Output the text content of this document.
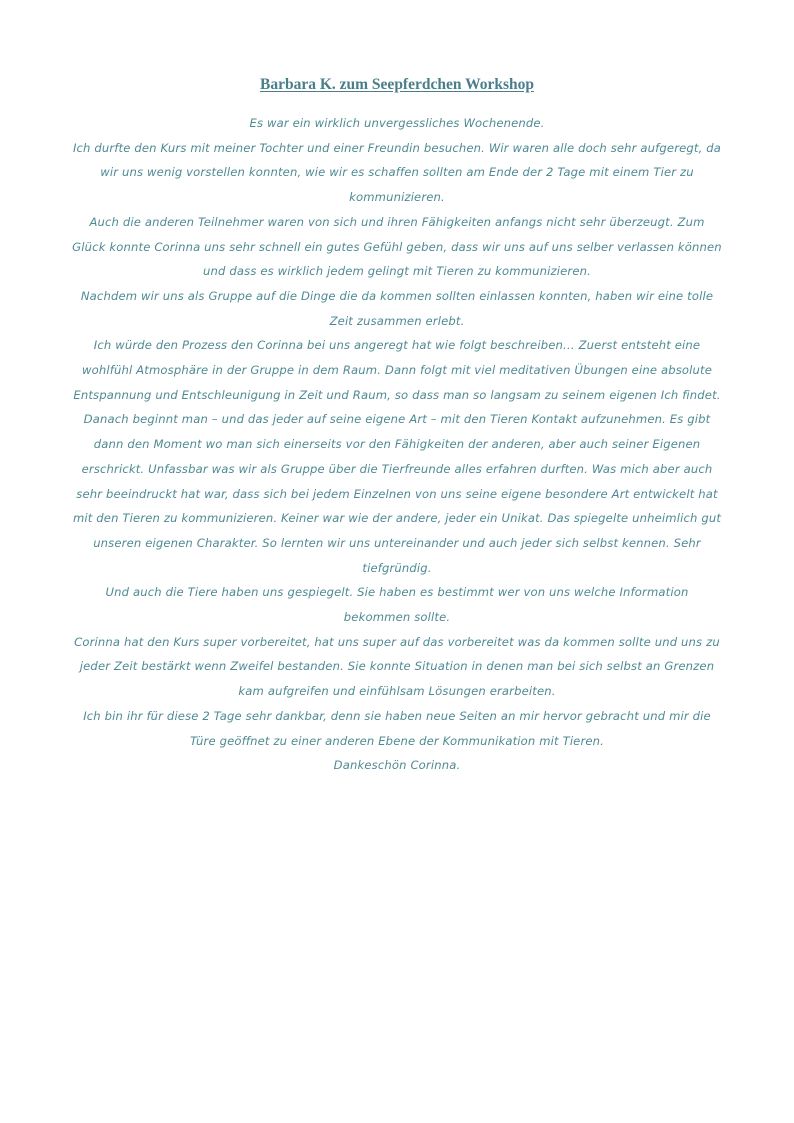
Barbara K. zum Seepferdchen Workshop

Es war ein wirklich unvergessliches Wochenende.

Ich durfte den Kurs mit meiner Tochter und einer Freundin besuchen. Wir waren alle doch sehr aufgeregt, da wir uns wenig vorstellen konnten, wie wir es schaffen sollten am Ende der 2 Tage mit einem Tier zu kommunizieren.

Auch die anderen Teilnehmer waren von sich und ihren Fähigkeiten anfangs nicht sehr überzeugt. Zum Glück konnte Corinna uns sehr schnell ein gutes Gefühl geben, dass wir uns auf uns selber verlassen können und dass es wirklich jedem gelingt mit Tieren zu kommunizieren.

Nachdem wir uns als Gruppe auf die Dinge die da kommen sollten einlassen konnten, haben wir eine tolle Zeit zusammen erlebt.

Ich würde den Prozess den Corinna bei uns angeregt hat wie folgt beschreiben… Zuerst entsteht eine wohlfühl Atmosphäre in der Gruppe in dem Raum. Dann folgt mit viel meditativen Übungen eine absolute Entspannung und Entschleunigung in Zeit und Raum, so dass man so langsam zu seinem eigenen Ich findet. Danach beginnt man – und das jeder auf seine eigene Art – mit den Tieren Kontakt aufzunehmen. Es gibt dann den Moment wo man sich einerseits vor den Fähigkeiten der anderen, aber auch seiner Eigenen erschrickt. Unfassbar was wir als Gruppe über die Tierfreunde alles erfahren durften. Was mich aber auch sehr beeindruckt hat war, dass sich bei jedem Einzelnen von uns seine eigene besondere Art entwickelt hat mit den Tieren zu kommunizieren. Keiner war wie der andere, jeder ein Unikat. Das spiegelte unheimlich gut unseren eigenen Charakter. So lernten wir uns untereinander und auch jeder sich selbst kennen. Sehr tiefgründig.

Und auch die Tiere haben uns gespiegelt. Sie haben es bestimmt wer von uns welche Information bekommen sollte.

Corinna hat den Kurs super vorbereitet, hat uns super auf das vorbereitet was da kommen sollte und uns zu jeder Zeit bestärkt wenn Zweifel bestanden. Sie konnte Situation in denen man bei sich selbst an Grenzen kam aufgreifen und einfühlsam Lösungen erarbeiten.

Ich bin ihr für diese 2 Tage sehr dankbar, denn sie haben neue Seiten an mir hervor gebracht und mir die Türe geöffnet zu einer anderen Ebene der Kommunikation mit Tieren.

Dankeschön Corinna.
